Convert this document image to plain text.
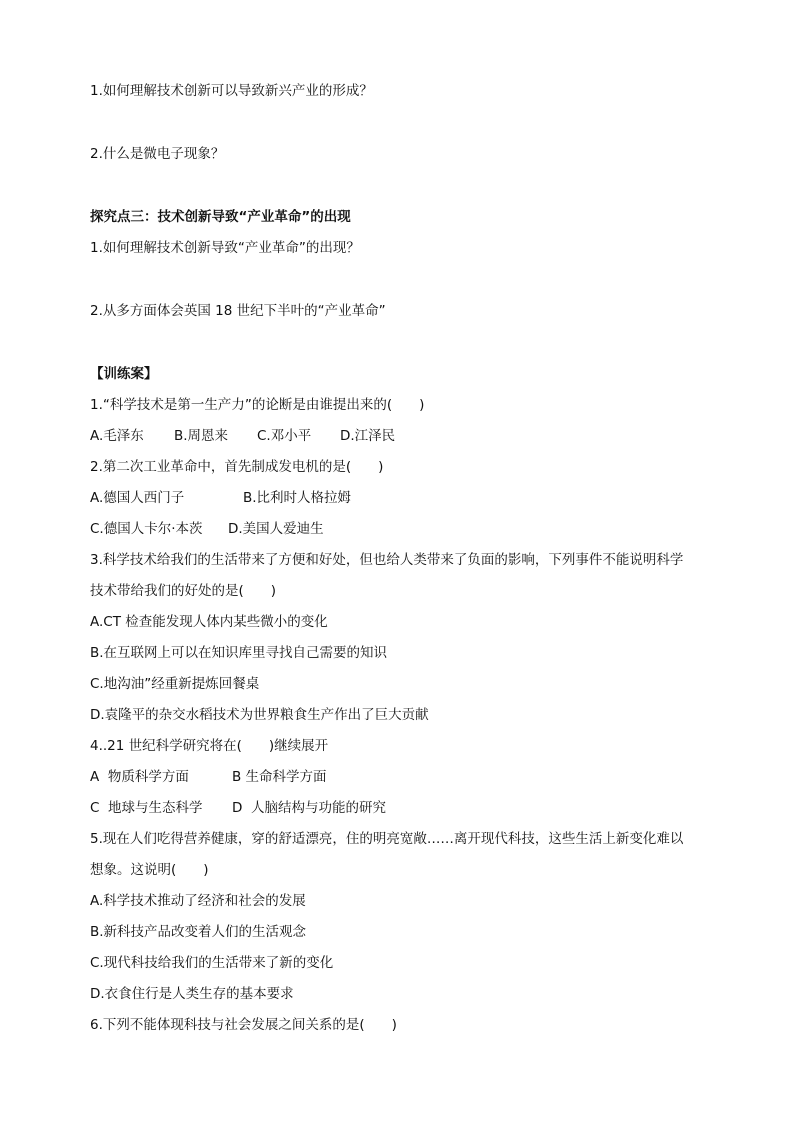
1.如何理解技术创新可以导致新兴产业的形成？
2.什么是微电子现象？
探究点三：技术创新导致“产业革命”的出现
1.如何理解技术创新导致“产业革命”的出现？
2.从多方面体会英国 18 世纪下半叶的“产业革命”
【训练案】
1.“科学技术是第一生产力”的论断是由谁提出来的(　　)

A.毛泽东

B.周恩来

C.邓小平

D.江泽民

2.第二次工业革命中，首先制成发电机的是(　　)

A.德国人西门子

	B.比利时人格拉姆

C.德国人卡尔·本茨

D.美国人爱迪生

3.科学技术给我们的生活带来了方便和好处，但也给人类带来了负面的影响，下列事件不能说明科学
技术带给我们的好处的是(　　)
A.CT 检查能发现人体内某些微小的变化
B.在互联网上可以在知识库里寻找自己需要的知识
C.地沟油”经重新提炼回餐桌
D.袁隆平的杂交水稻技术为世界粮食生产作出了巨大贡献
4..21 世纪科学研究将在(　　)继续展开

A  物质科学方面

	B 生命科学方面

C  地球与生态科学

D  人脑结构与功能的研究

5.现在人们吃得营养健康，穿的舒适漂亮，住的明亮宽敞……离开现代科技，这些生活上新变化难以
想象。这说明(　　)
A.科学技术推动了经济和社会的发展
B.新科技产品改变着人们的生活观念
C.现代科技给我们的生活带来了新的变化
D.衣食住行是人类生存的基本要求
6.下列不能体现科技与社会发展之间关系的是(　　)
